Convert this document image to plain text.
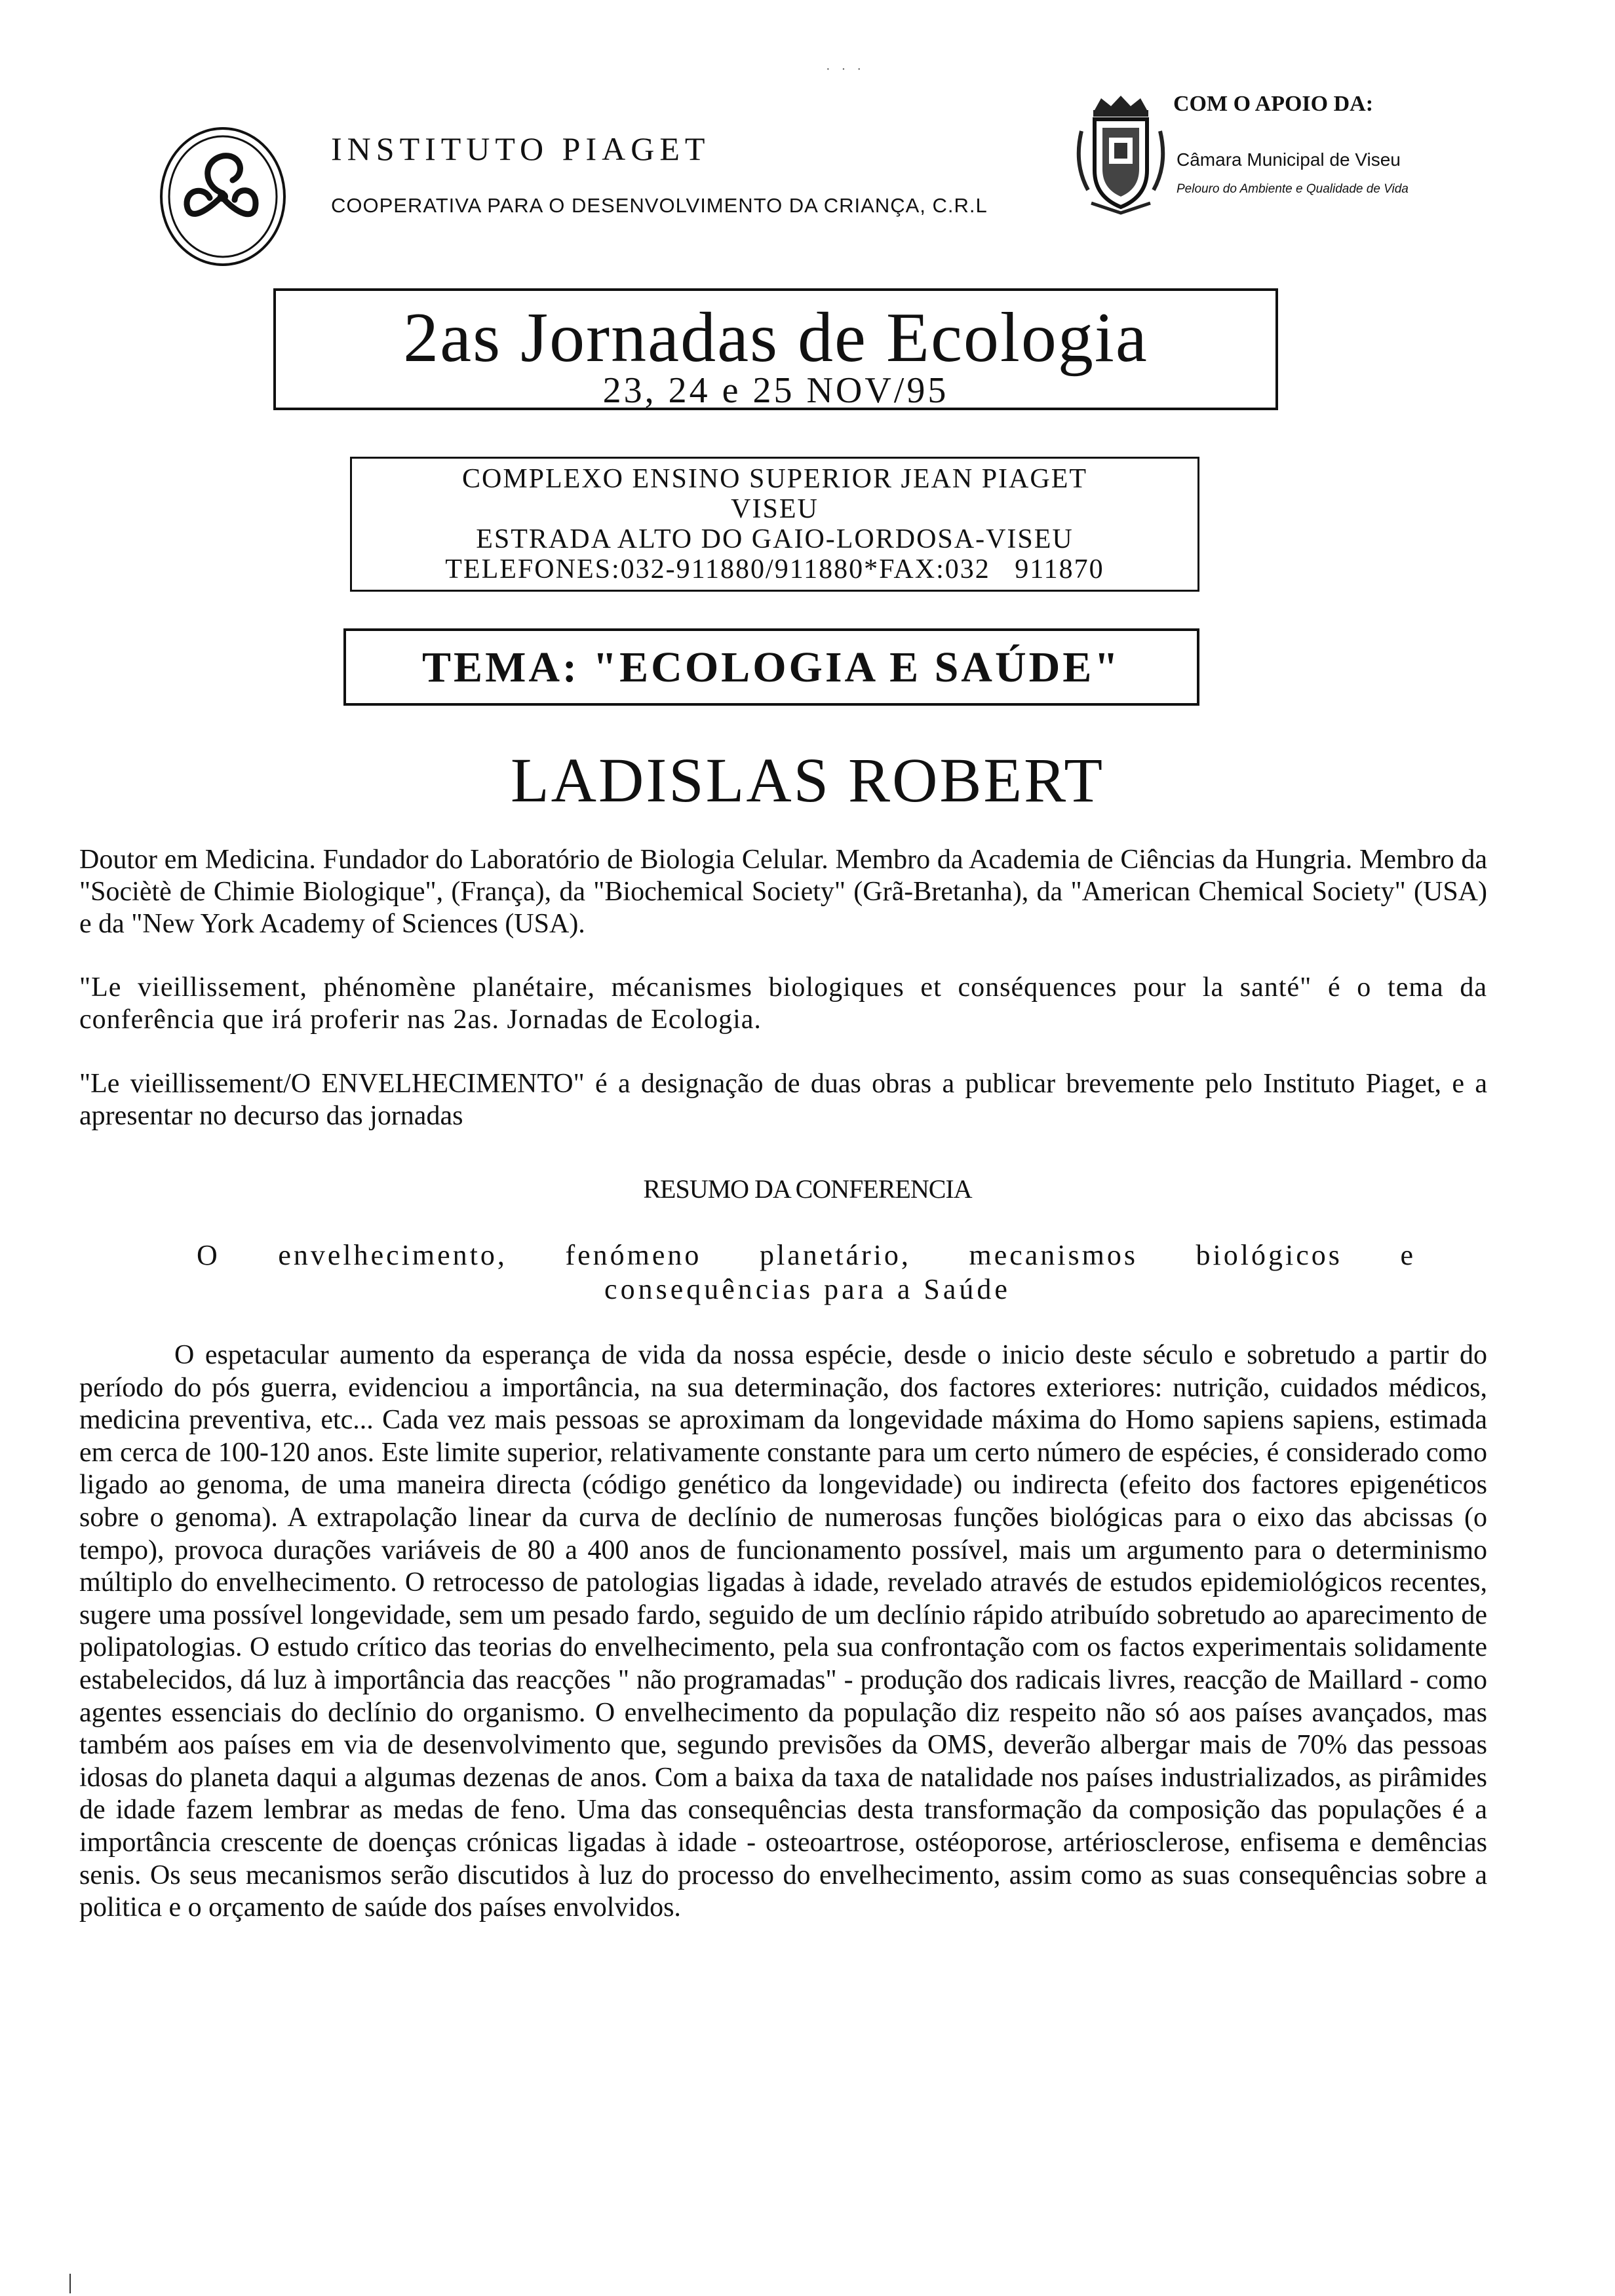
· · ·
INSTITUTO PIAGET
COOPERATIVA PARA O DESENVOLVIMENTO DA CRIANÇA, C.R.L
COM O APOIO DA:
Câmara Municipal de Viseu
Pelouro do Ambiente e Qualidade de Vida
2as Jornadas de Ecologia
23, 24 e 25 NOV/95
COMPLEXO ENSINO SUPERIOR JEAN PIAGET
VISEU
ESTRADA ALTO DO GAIO-LORDOSA-VISEU
TELEFONES:032-911880/911880*FAX:032   911870
TEMA: "ECOLOGIA E SAÚDE"
LADISLAS ROBERT
Doutor em Medicina. Fundador do Laboratório de Biologia Celular. Membro da Academia de Ciências da Hungria. Membro da "Sociètè de Chimie Biologique", (França), da "Biochemical Society" (Grã-Bretanha), da "American Chemical Society" (USA) e da "New York Academy of Sciences (USA).
"Le vieillissement, phénomène planétaire, mécanismes biologiques et conséquences pour la santé" é o tema da conferência que irá proferir nas 2as. Jornadas de Ecologia.
"Le vieillissement/O ENVELHECIMENTO" é a designação de duas obras a publicar brevemente pelo Instituto Piaget, e a apresentar no decurso das jornadas
RESUMO DA CONFERENCIA
O envelhecimento, fenómeno planetário, mecanismos biológicos e
consequências para a Saúde
O espetacular aumento da esperança de vida da nossa espécie, desde o inicio deste século e sobretudo a partir do período do pós guerra, evidenciou a importância, na sua determinação, dos factores exteriores: nutrição, cuidados médicos, medicina preventiva, etc... Cada vez mais pessoas se aproximam da longevidade máxima do Homo sapiens sapiens, estimada em cerca de 100-120 anos. Este limite superior, relativamente constante para um certo número de espécies, é considerado como ligado ao genoma, de uma maneira directa (código genético da longevidade) ou indirecta (efeito dos factores epigenéticos sobre o genoma). A extrapolação linear da curva de declínio de numerosas funções biológicas para o eixo das abcissas (o tempo), provoca durações variáveis de 80 a 400 anos de funcionamento possível, mais um argumento para o determinismo múltiplo do envelhecimento. O retrocesso de patologias ligadas à idade, revelado através de estudos epidemiológicos recentes, sugere uma possível longevidade, sem um pesado fardo, seguido de um declínio rápido atribuído sobretudo ao aparecimento de polipatologias. O estudo crítico das teorias do envelhecimento, pela sua confrontação com os factos experimentais solidamente estabelecidos, dá luz à importância das reacções " não programadas" - produção dos radicais livres, reacção de Maillard - como agentes essenciais do declínio do organismo. O envelhecimento da população diz respeito não só aos países avançados, mas também aos países em via de desenvolvimento que, segundo previsões da OMS, deverão albergar mais de 70% das pessoas idosas do planeta daqui a algumas dezenas de anos. Com a baixa da taxa de natalidade nos países industrializados, as pirâmides de idade fazem lembrar as medas de feno. Uma das consequências desta transformação da composição das populações é a importância crescente de doenças crónicas ligadas à idade - osteoartrose, ostéoporose, artériosclerose, enfisema e demências senis. Os seus mecanismos serão discutidos à luz do processo do envelhecimento, assim como as suas consequências sobre a politica e o orçamento de saúde dos países envolvidos.
